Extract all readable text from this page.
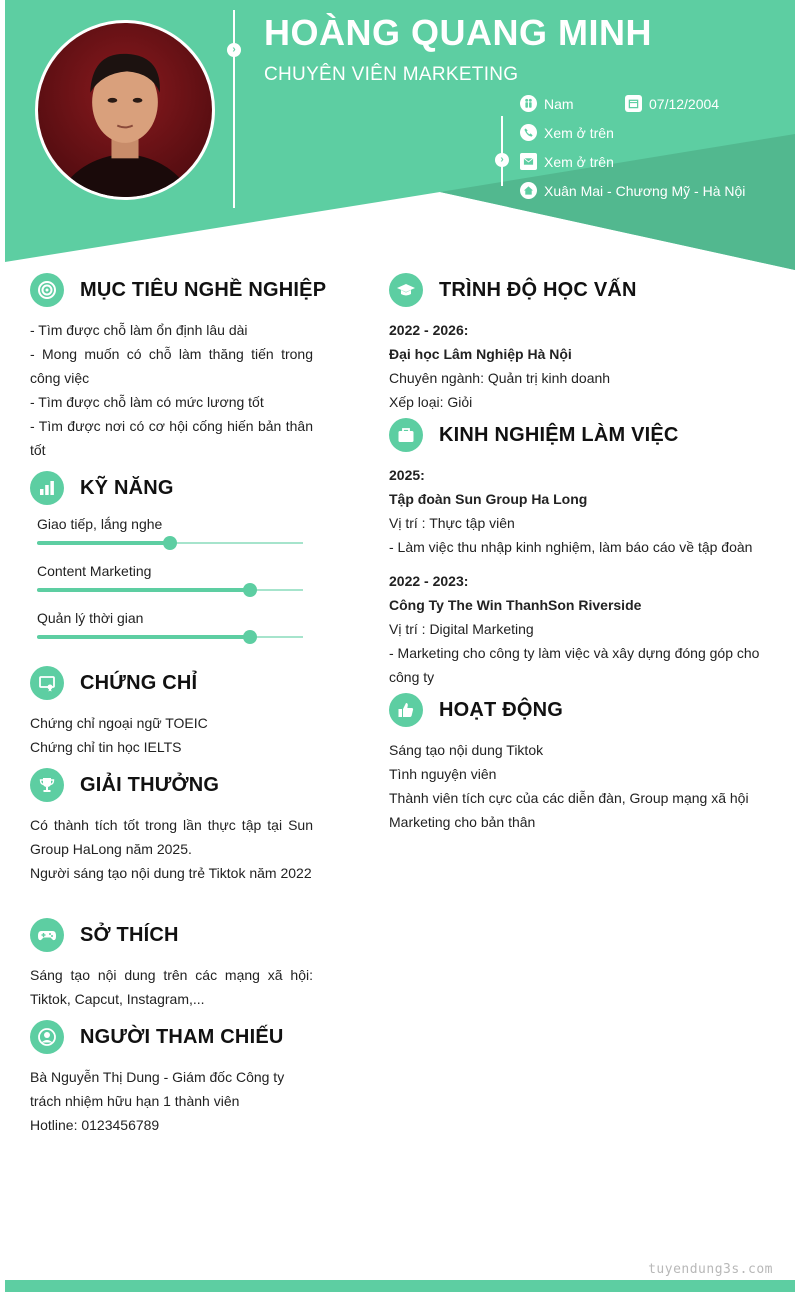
› HOÀNG QUANG MINH
CHUYÊN VIÊN MARKETING
›
Nam	07/12/2004
Xem ở trên
Xem ở trên
Xuân Mai - Chương Mỹ - Hà Nội
MỤC TIÊU NGHỀ NGHIỆP
- Tìm được chỗ làm ổn định lâu dài
- Mong muốn có chỗ làm thăng tiến trong công việc
- Tìm được chỗ làm có mức lương tốt
- Tìm được nơi có cơ hội cống hiến bản thân tốt
KỸ NĂNG
Giao tiếp, lắng nghe
Content Marketing
Quản lý thời gian
CHỨNG CHỈ
Chứng chỉ ngoại ngữ TOEIC
Chứng chỉ tin học IELTS
GIẢI THƯỞNG
Có thành tích tốt trong lần thực tập tại Sun Group HaLong năm 2025.
Người sáng tạo nội dung trẻ Tiktok năm 2022
SỞ THÍCH
Sáng tạo nội dung trên các mạng xã hội: Tiktok, Capcut, Instagram,...
NGƯỜI THAM CHIẾU
Bà Nguyễn Thị Dung - Giám đốc Công ty trách nhiệm hữu hạn 1 thành viên
Hotline: 0123456789
TRÌNH ĐỘ HỌC VẤN
2022 - 2026:
Đại học Lâm Nghiệp Hà Nội
Chuyên ngành: Quản trị kinh doanh
Xếp loại: Giỏi
KINH NGHIỆM LÀM VIỆC
2025:
Tập đoàn Sun Group Ha Long
Vị trí : Thực tập viên
- Làm việc thu nhập kinh nghiệm, làm báo cáo về tập đoàn
2022 - 2023:
Công Ty The Win ThanhSon Riverside
Vị trí : Digital Marketing
- Marketing cho công ty làm việc và xây dựng đóng góp cho công ty
HOẠT ĐỘNG
Sáng tạo nội dung Tiktok
Tình nguyện viên
Thành viên tích cực của các diễn đàn, Group mạng xã hội
Marketing cho bản thân
tuyendung3s.com
